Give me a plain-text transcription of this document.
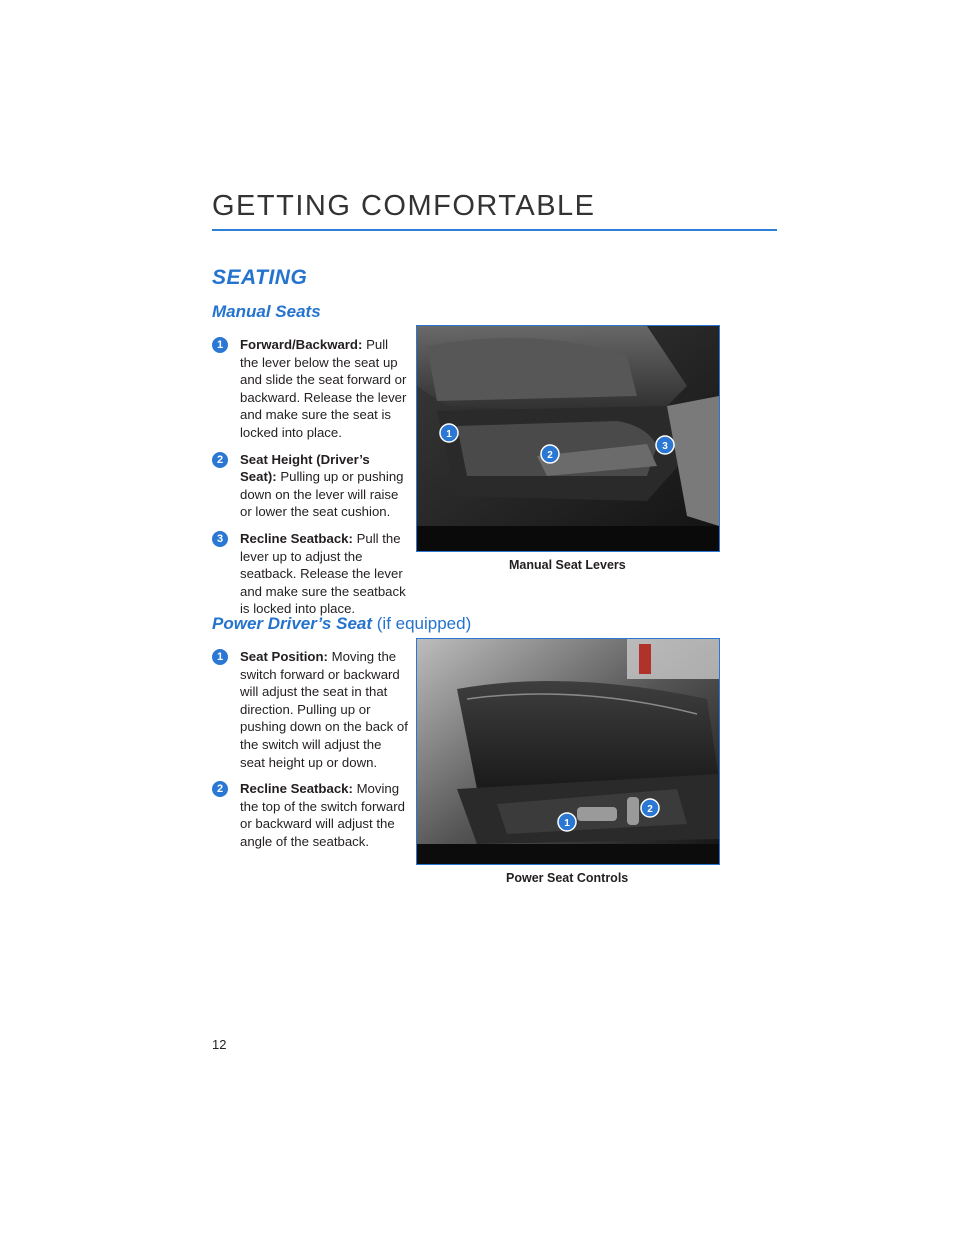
GETTING COMFORTABLE
SEATING
Manual Seats
1	Forward/Backward: Pull the lever below the seat up and slide the seat forward or backward. Release the lever and make sure the seat is locked into place.
2	Seat Height (Driver’s Seat): Pulling up or pushing down on the lever will raise or lower the seat cushion.
3	Recline Seatback: Pull the lever up to adjust the seatback. Release the lever and make sure the seatback is locked into place.
1
2
3
Manual Seat Levers
Power Driver’s Seat (if equipped)
1	Seat Position: Moving the switch forward or backward will adjust the seat in that direction. Pulling up or pushing down on the back of the switch will adjust the seat height up or down.
2	Recline Seatback: Moving the top of the switch forward or backward will adjust the angle of the seatback.
1
2
Power Seat Controls
12
